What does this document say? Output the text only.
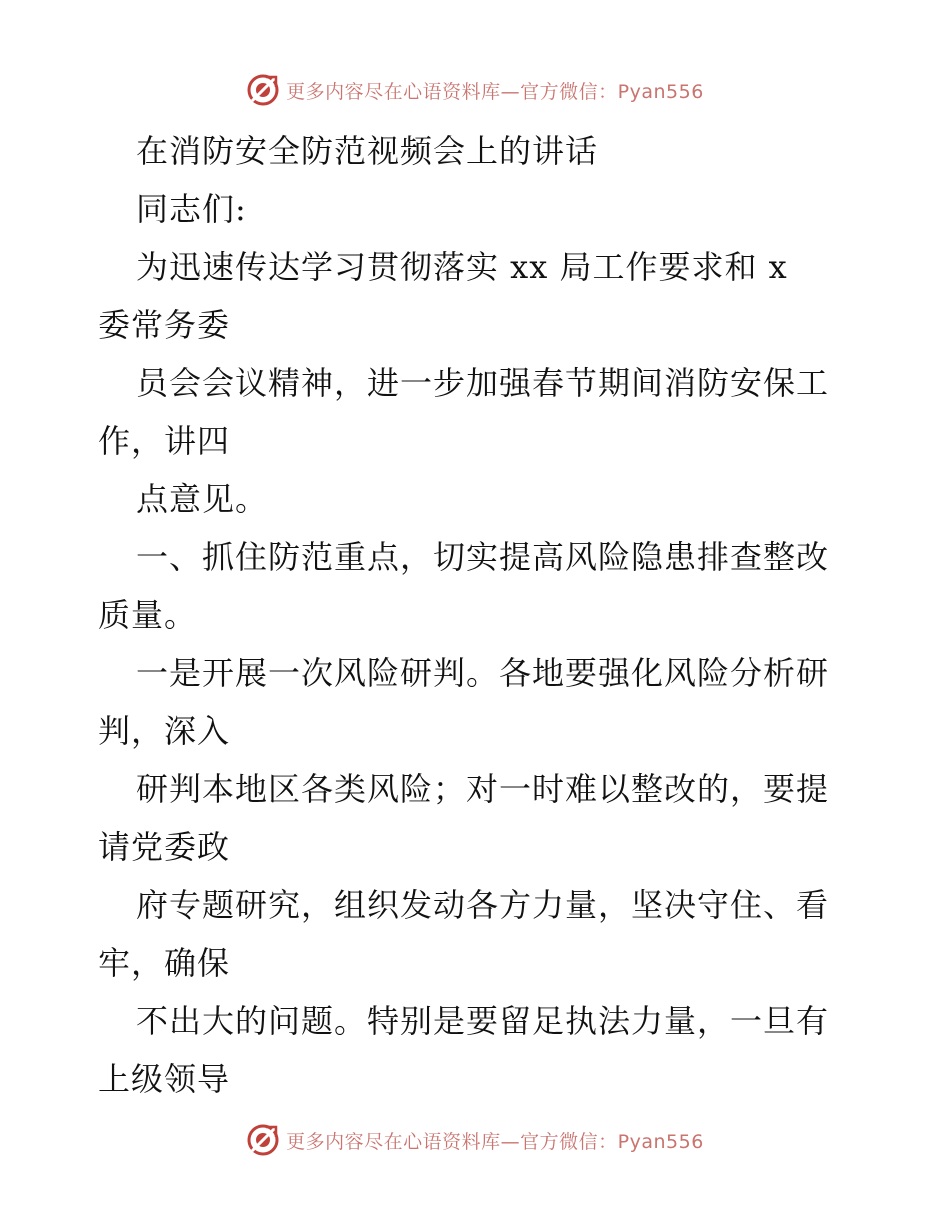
更多内容尽在心语资料库—官方微信：Pyan556
在消防安全防范视频会上的讲话
同志们:
为迅速传达学习贯彻落实 xx 局工作要求和 x
委常务委
员会会议精神，进一步加强春节期间消防安保工
作，讲四
点意见。
一、抓住防范重点，切实提高风险隐患排查整改
质量。
一是开展一次风险研判。各地要强化风险分析研
判，深入
研判本地区各类风险；对一时难以整改的，要提
请党委政
府专题研究，组织发动各方力量，坚决守住、看
牢，确保
不出大的问题。特别是要留足执法力量，一旦有
上级领导
更多内容尽在心语资料库—官方微信：Pyan556
